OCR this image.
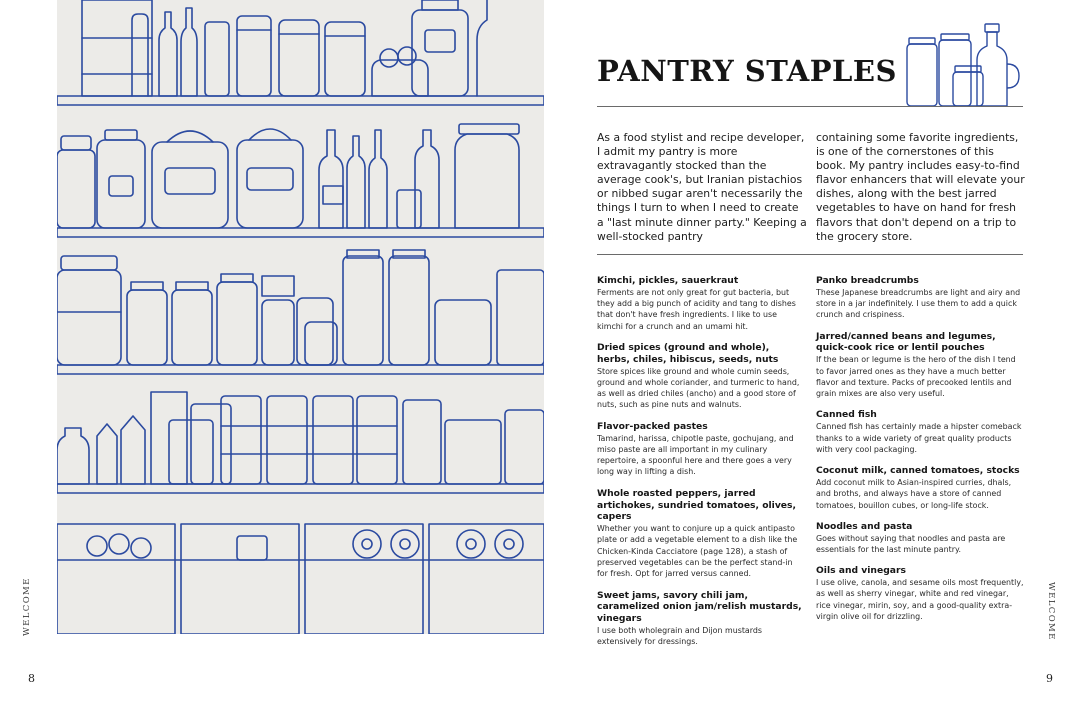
WELCOME
8
PANTRY STAPLES

As a food stylist and recipe developer, I admit my pantry is more extravagantly stocked than the average cook's, but Iranian pistachios or nibbed sugar aren't necessarily the things I turn to when I need to create a "last minute dinner party." Keeping a well-stocked pantry

containing some favorite ingredients, is one of the cornerstones of this book. My pantry includes easy-to-find flavor enhancers that will elevate your dishes, along with the best jarred vegetables to have on hand for fresh flavors that don't depend on a trip to the grocery store.

Kimchi, pickles, sauerkraut
Ferments are not only great for gut bacteria, but they add a big punch of acidity and tang to dishes that don't have fresh ingredients. I like to use kimchi for a crunch and an umami hit.
Dried spices (ground and whole), herbs, chiles, hibiscus, seeds, nuts
Store spices like ground and whole cumin seeds, ground and whole coriander, and turmeric to hand, as well as dried chiles (ancho) and a good store of nuts, such as pine nuts and walnuts.
Flavor-packed pastes
Tamarind, harissa, chipotle paste, gochujang, and miso paste are all important in my culinary repertoire, a spoonful here and there goes a very long way in lifting a dish.
Whole roasted peppers, jarred artichokes, sundried tomatoes, olives, capers
Whether you want to conjure up a quick antipasto plate or add a vegetable element to a dish like the Chicken-Kinda Cacciatore (page 128), a stash of preserved vegetables can be the perfect stand-in for fresh. Opt for jarred versus canned.
Sweet jams, savory chili jam, caramelized onion jam/relish mustards, vinegars
I use both wholegrain and Dijon mustards extensively for dressings.
Panko breadcrumbs
These Japanese breadcrumbs are light and airy and store in a jar indefinitely. I use them to add a quick crunch and crispiness.
Jarred/canned beans and legumes, quick-cook rice or lentil pouches
If the bean or legume is the hero of the dish I tend to favor jarred ones as they have a much better flavor and texture. Packs of precooked lentils and grain mixes are also very useful.
Canned fish
Canned fish has certainly made a hipster comeback thanks to a wide variety of great quality products with very cool packaging.
Coconut milk, canned tomatoes, stocks
Add coconut milk to Asian-inspired curries, dhals, and broths, and always have a store of canned tomatoes, bouillon cubes, or long-life stock.
Noodles and pasta
Goes without saying that noodles and pasta are essentials for the last minute pantry.
Oils and vinegars
I use olive, canola, and sesame oils most frequently, as well as sherry vinegar, white and red vinegar, rice vinegar, mirin, soy, and a good-quality extra-virgin olive oil for drizzling.	WELCOME
9
